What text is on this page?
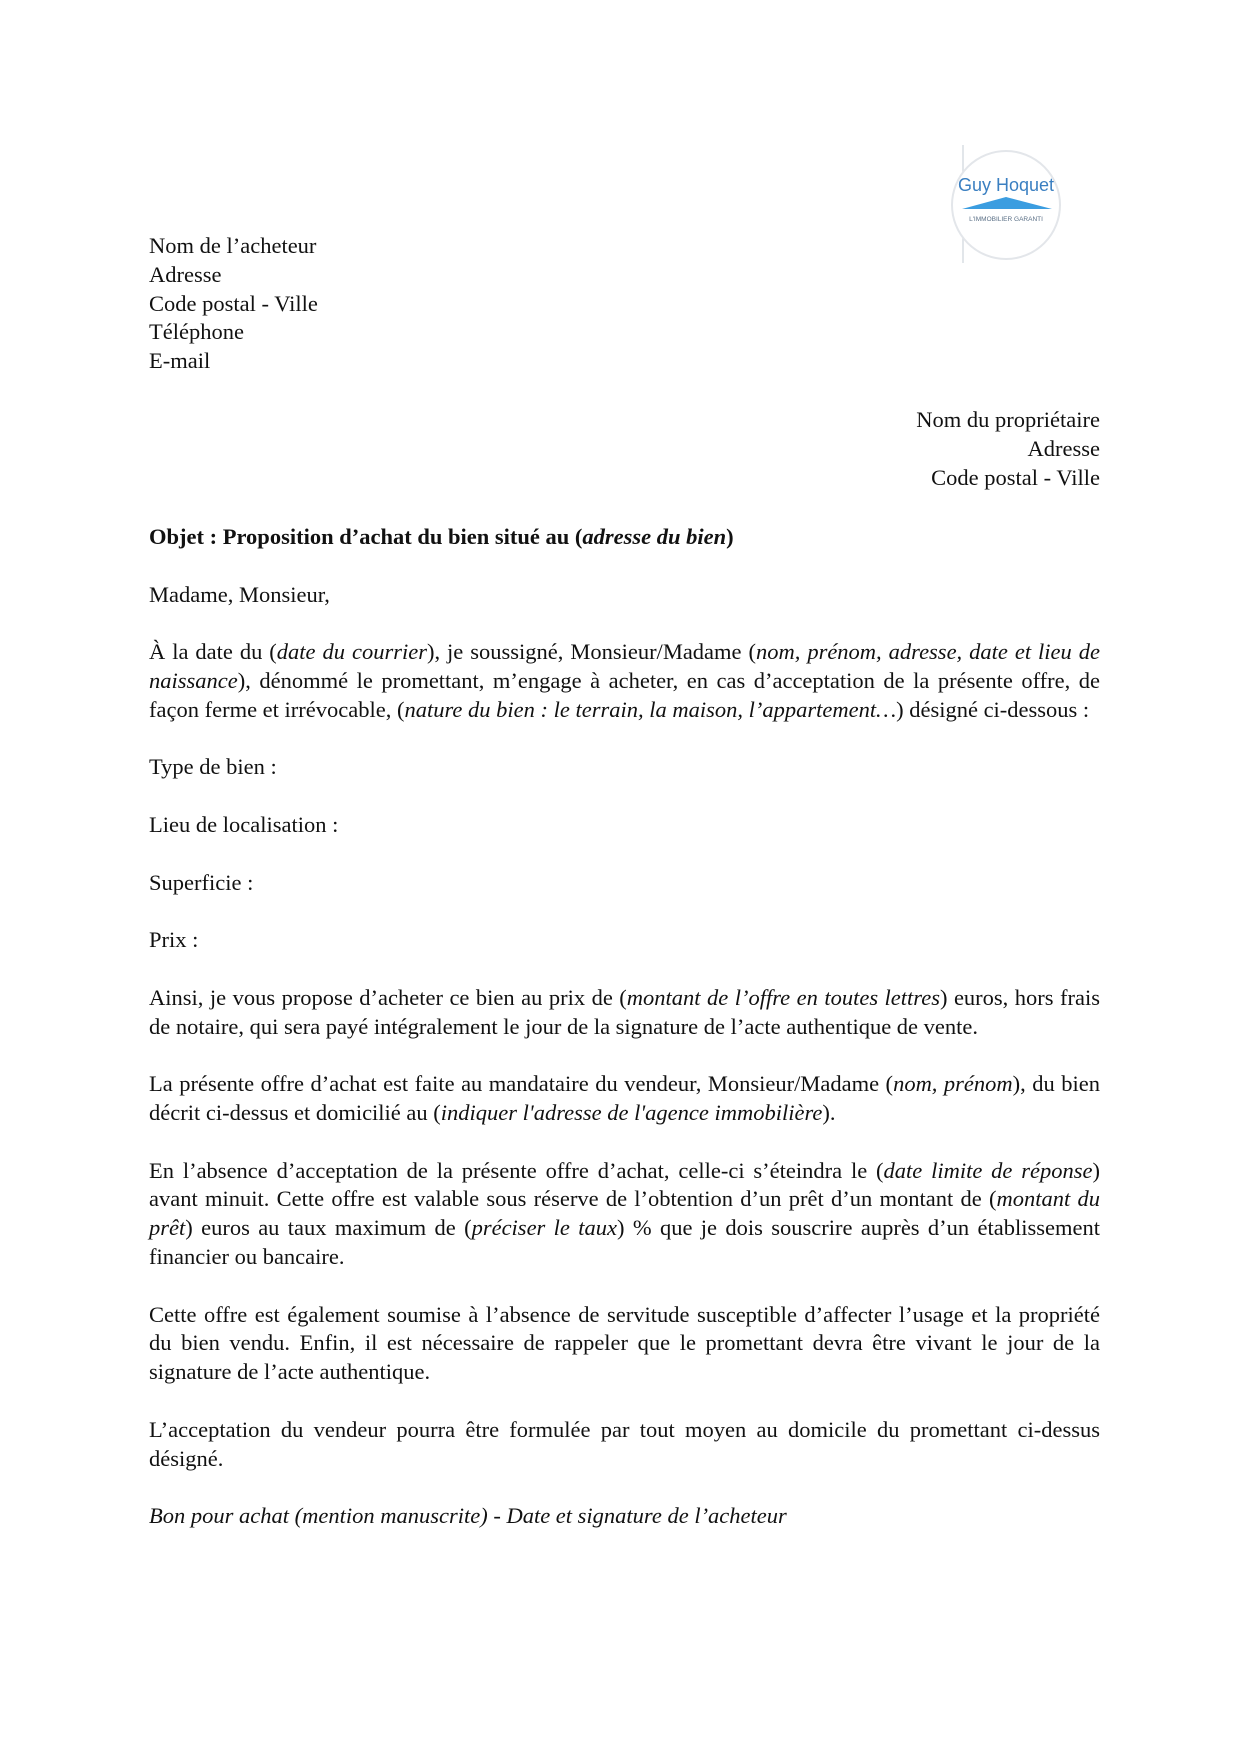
Guy Hoquet
L'IMMOBILIER GARANTI
Nom de l’acheteur
Adresse
Code postal - Ville
Téléphone
E-mail
Nom du propriétaire
Adresse
Code postal - Ville
Objet : Proposition d’achat du bien situé au (adresse du bien)
Madame, Monsieur,

À la date du (date du courrier), je soussigné, Monsieur/Madame (nom, prénom, adresse, date et lieu de naissance), dénommé le promettant, m’engage à acheter, en cas d’acceptation de la présente offre, de façon ferme et irrévocable, (nature du bien : le terrain, la maison, l’appartement…) désigné ci-dessous :

Type de bien :
Lieu de localisation :
Superficie :
Prix :

Ainsi, je vous propose d’acheter ce bien au prix de (montant de l’offre en toutes lettres) euros, hors frais de notaire, qui sera payé intégralement le jour de la signature de l’acte authentique de vente.

La présente offre d’achat est faite au mandataire du vendeur, Monsieur/Madame (nom, prénom), du bien décrit ci-dessus et domicilié au (indiquer l'adresse de l'agence immobilière).

En l’absence d’acceptation de la présente offre d’achat, celle-ci s’éteindra le (date limite de réponse) avant minuit. Cette offre est valable sous réserve de l’obtention d’un prêt d’un montant de (montant du prêt) euros au taux maximum de (préciser le taux) % que je dois souscrire auprès d’un établissement financier ou bancaire.

Cette offre est également soumise à l’absence de servitude susceptible d’affecter l’usage et la propriété du bien vendu. Enfin, il est nécessaire de rappeler que le promettant devra être vivant le jour de la signature de l’acte authentique.

L’acceptation du vendeur pourra être formulée par tout moyen au domicile du promettant ci-dessus désigné.

Bon pour achat (mention manuscrite) - Date et signature de l’acheteur
